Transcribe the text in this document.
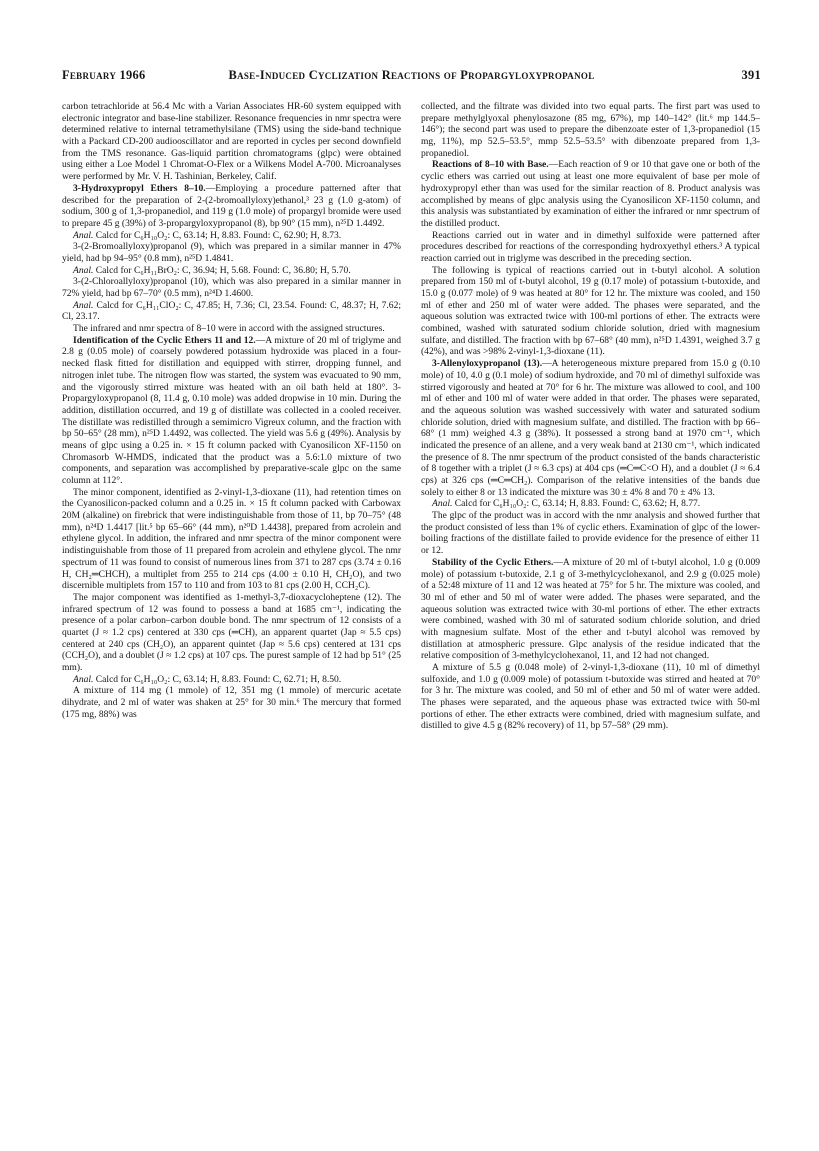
February 1966	Base-Induced Cyclization Reactions of Propargyloxypropanol	391

carbon tetrachloride at 56.4 Mc with a Varian Associates HR-60 system equipped with electronic integrator and base-line stabilizer. Resonance frequencies in nmr spectra were determined relative to internal tetramethylsilane (TMS) using the side-band technique with a Packard CD-200 audiooscillator and are reported in cycles per second downfield from the TMS resonance. Gas-liquid partition chromatograms (glpc) were obtained using either a Loe Model 1 Chromat-O-Flex or a Wilkens Model A-700. Microanalyses were performed by Mr. V. H. Tashinian, Berkeley, Calif.

3-Hydroxypropyl Ethers 8–10.—Employing a procedure patterned after that described for the preparation of 2-(2-bromoallyloxy)ethanol,³ 23 g (1.0 g-atom) of sodium, 300 g of 1,3-propanediol, and 119 g (1.0 mole) of propargyl bromide were used to prepare 45 g (39%) of 3-propargyloxypropanol (8), bp 90° (15 mm), n²⁵D 1.4492.

Anal. Calcd for C₆H₁₀O₂: C, 63.14; H, 8.83. Found: C, 62.90; H, 8.73.

3-(2-Bromoallyloxy)propanol (9), which was prepared in a similar manner in 47% yield, had bp 94–95° (0.8 mm), n²⁵D 1.4841.

Anal. Calcd for C₆H₁₁BrO₂: C, 36.94; H, 5.68. Found: C, 36.80; H, 5.70.

3-(2-Chloroallyloxy)propanol (10), which was also prepared in a similar manner in 72% yield, had bp 67–70° (0.5 mm), n²⁴D 1.4600.

Anal. Calcd for C₆H₁₁ClO₂: C, 47.85; H, 7.36; Cl, 23.54. Found: C, 48.37; H, 7.62; Cl, 23.17.

The infrared and nmr spectra of 8–10 were in accord with the assigned structures.

Identification of the Cyclic Ethers 11 and 12.—A mixture of 20 ml of triglyme and 2.8 g (0.05 mole) of coarsely powdered potassium hydroxide was placed in a four-necked flask fitted for distillation and equipped with stirrer, dropping funnel, and nitrogen inlet tube. The nitrogen flow was started, the system was evacuated to 90 mm, and the vigorously stirred mixture was heated with an oil bath held at 180°. 3-Propargyloxypropanol (8, 11.4 g, 0.10 mole) was added dropwise in 10 min. During the addition, distillation occurred, and 19 g of distillate was collected in a cooled receiver. The distillate was redistilled through a semimicro Vigreux column, and the fraction with bp 50–65° (28 mm), n²⁵D 1.4492, was collected. The yield was 5.6 g (49%). Analysis by means of glpc using a 0.25 in. × 15 ft column packed with Cyanosilicon XF-1150 on Chromasorb W-HMDS, indicated that the product was a 5.6:1.0 mixture of two components, and separation was accomplished by preparative-scale glpc on the same column at 112°.

The minor component, identified as 2-vinyl-1,3-dioxane (11), had retention times on the Cyanosilicon-packed column and a 0.25 in. × 15 ft column packed with Carbowax 20M (alkaline) on firebrick that were indistinguishable from those of 11, bp 70–75° (48 mm), n²⁴D 1.4417 [lit.⁵ bp 65–66° (44 mm), n²⁰D 1.4438], prepared from acrolein and ethylene glycol. In addition, the infrared and nmr spectra of the minor component were indistinguishable from those of 11 prepared from acrolein and ethylene glycol. The nmr spectrum of 11 was found to consist of numerous lines from 371 to 287 cps (3.74 ± 0.16 H, CH₂═CHCH), a multiplet from 255 to 214 cps (4.00 ± 0.10 H, CH₂O), and two discernible multiplets from 157 to 110 and from 103 to 81 cps (2.00 H, CCH₂C).

The major component was identified as 1-methyl-3,7-dioxacycloheptene (12). The infrared spectrum of 12 was found to possess a band at 1685 cm⁻¹, indicating the presence of a polar carbon–carbon double bond. The nmr spectrum of 12 consists of a quartet (J ≈ 1.2 cps) centered at 330 cps (═CH), an apparent quartet (Jap ≈ 5.5 cps) centered at 240 cps (CH₂O), an apparent quintet (Jap ≈ 5.6 cps) centered at 131 cps (CCH₂O), and a doublet (J ≈ 1.2 cps) at 107 cps. The purest sample of 12 had bp 51° (25 mm).

Anal. Calcd for C₆H₁₀O₂: C, 63.14; H, 8.83. Found: C, 62.71; H, 8.50.

A mixture of 114 mg (1 mmole) of 12, 351 mg (1 mmole) of mercuric acetate dihydrate, and 2 ml of water was shaken at 25° for 30 min.⁶ The mercury that formed (175 mg, 88%) was

collected, and the filtrate was divided into two equal parts. The first part was used to prepare methylglyoxal phenylosazone (85 mg, 67%), mp 140–142° (lit.⁶ mp 144.5–146°); the second part was used to prepare the dibenzoate ester of 1,3-propanediol (15 mg, 11%), mp 52.5–53.5°, mmp 52.5–53.5° with dibenzoate prepared from 1,3-propanediol.

Reactions of 8–10 with Base.—Each reaction of 9 or 10 that gave one or both of the cyclic ethers was carried out using at least one more equivalent of base per mole of hydroxypropyl ether than was used for the similar reaction of 8. Product analysis was accomplished by means of glpc analysis using the Cyanosilicon XF-1150 column, and this analysis was substantiated by examination of either the infrared or nmr spectrum of the distilled product.

Reactions carried out in water and in dimethyl sulfoxide were patterned after procedures described for reactions of the corresponding hydroxyethyl ethers.³ A typical reaction carried out in triglyme was described in the preceding section.

The following is typical of reactions carried out in t-butyl alcohol. A solution prepared from 150 ml of t-butyl alcohol, 19 g (0.17 mole) of potassium t-butoxide, and 15.0 g (0.077 mole) of 9 was heated at 80° for 12 hr. The mixture was cooled, and 150 ml of ether and 250 ml of water were added. The phases were separated, and the aqueous solution was extracted twice with 100-ml portions of ether. The extracts were combined, washed with saturated sodium chloride solution, dried with magnesium sulfate, and distilled. The fraction with bp 67–68° (40 mm), n²⁵D 1.4391, weighed 3.7 g (42%), and was >98% 2-vinyl-1,3-dioxane (11).

3-Allenyloxypropanol (13).—A heterogeneous mixture prepared from 15.0 g (0.10 mole) of 10, 4.0 g (0.1 mole) of sodium hydroxide, and 70 ml of dimethyl sulfoxide was stirred vigorously and heated at 70° for 6 hr. The mixture was allowed to cool, and 100 ml of ether and 100 ml of water were added in that order. The phases were separated, and the aqueous solution was washed successively with water and saturated sodium chloride solution, dried with magnesium sulfate, and distilled. The fraction with bp 66–68° (1 mm) weighed 4.3 g (38%). It possessed a strong band at 1970 cm⁻¹, which indicated the presence of an allene, and a very weak band at 2130 cm⁻¹, which indicated the presence of 8. The nmr spectrum of the product consisted of the bands characteristic of 8 together with a triplet (J ≈ 6.3 cps) at 404 cps (═C═C<O H), and a doublet (J ≈ 6.4 cps) at 326 cps (═C═CH₂). Comparison of the relative intensities of the bands due solely to either 8 or 13 indicated the mixture was 30 ± 4% 8 and 70 ± 4% 13.

Anal. Calcd for C₆H₁₀O₂: C, 63.14; H, 8.83. Found: C, 63.62; H, 8.77.

The glpc of the product was in accord with the nmr analysis and showed further that the product consisted of less than 1% of cyclic ethers. Examination of glpc of the lower-boiling fractions of the distillate failed to provide evidence for the presence of either 11 or 12.

Stability of the Cyclic Ethers.—A mixture of 20 ml of t-butyl alcohol, 1.0 g (0.009 mole) of potassium t-butoxide, 2.1 g of 3-methylcyclohexanol, and 2.9 g (0.025 mole) of a 52:48 mixture of 11 and 12 was heated at 75° for 5 hr. The mixture was cooled, and 30 ml of ether and 50 ml of water were added. The phases were separated, and the aqueous solution was extracted twice with 30-ml portions of ether. The ether extracts were combined, washed with 30 ml of saturated sodium chloride solution, and dried with magnesium sulfate. Most of the ether and t-butyl alcohol was removed by distillation at atmospheric pressure. Glpc analysis of the residue indicated that the relative composition of 3-methylcyclohexanol, 11, and 12 had not changed.

A mixture of 5.5 g (0.048 mole) of 2-vinyl-1,3-dioxane (11), 10 ml of dimethyl sulfoxide, and 1.0 g (0.009 mole) of potassium t-butoxide was stirred and heated at 70° for 3 hr. The mixture was cooled, and 50 ml of ether and 50 ml of water were added. The phases were separated, and the aqueous phase was extracted twice with 50-ml portions of ether. The ether extracts were combined, dried with magnesium sulfate, and distilled to give 4.5 g (82% recovery) of 11, bp 57–58° (29 mm).
